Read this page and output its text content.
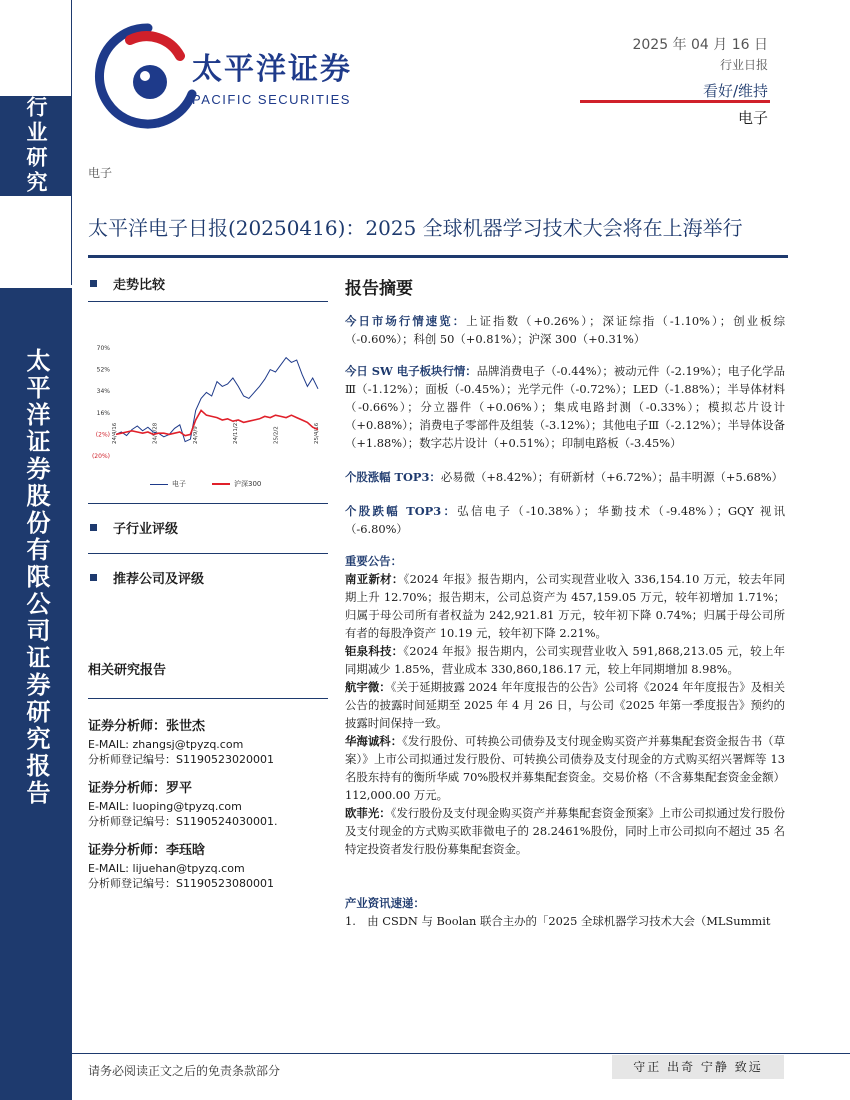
行业研究
太平洋证券股份有限公司证券研究报告
太平洋证券
PACIFIC SECURITIES
2025 年 04 月 16 日
行业日报
看好/维持
电子
电子
太平洋电子日报(20250416)：2025 全球机器学习技术大会将在上海举行
走势比较
70%
52%
34%
16%
(2%)
(20%)
24/4/16	24/6/28	24/9/9	24/11/21	25/2/2	25/4/16
电子	沪深300
子行业评级
推荐公司及评级
相关研究报告
证券分析师：张世杰
E-MAIL: zhangsj@tpyzq.com
分析师登记编号：S1190523020001
证券分析师：罗平
E-MAIL: luoping@tpyzq.com
分析师登记编号：S1190524030001.
证券分析师：李珏晗
E-MAIL: lijuehan@tpyzq.com
分析师登记编号：S1190523080001
报告摘要
今日市场行情速览：上证指数（+0.26%）；深证综指（-1.10%）；创业板综（-0.60%）；科创 50（+0.81%）；沪深 300（+0.31%）
今日 SW 电子板块行情：品牌消费电子（-0.44%）；被动元件（-2.19%）；电子化学品Ⅲ（-1.12%）；面板（-0.45%）；光学元件（-0.72%）；LED（-1.88%）；半导体材料（-0.66%）；分立器件（+0.06%）；集成电路封测（-0.33%）；模拟芯片设计（+0.88%）；消费电子零部件及组装（-3.12%）；其他电子Ⅲ（-2.12%）；半导体设备（+1.88%）；数字芯片设计（+0.51%）；印制电路板（-3.45%）
个股涨幅 TOP3：必易微（+8.42%）；有研新材（+6.72%）；晶丰明源（+5.68%）
个股跌幅 TOP3：弘信电子（-10.38%）；华勤技术（-9.48%）；GQY 视讯（-6.80%）
重要公告：
南亚新材：《2024 年报》报告期内，公司实现营业收入 336,154.10 万元，较去年同期上升 12.70%；报告期末，公司总资产为 457,159.05 万元，较年初增加 1.71%；归属于母公司所有者权益为 242,921.81 万元，较年初下降 0.74%；归属于母公司所有者的每股净资产 10.19 元，较年初下降 2.21%。
钜泉科技：《2024 年报》报告期内，公司实现营业收入 591,868,213.05 元，较上年同期减少 1.85%，营业成本 330,860,186.17 元，较上年同期增加 8.98%。
航宇微：《关于延期披露 2024 年年度报告的公告》公司将《2024 年年度报告》及相关公告的披露时间延期至 2025 年 4 月 26 日，与公司《2025 年第一季度报告》预约的披露时间保持一致。
华海诚科：《发行股份、可转换公司债券及支付现金购买资产并募集配套资金报告书（草案）》上市公司拟通过发行股份、可转换公司债券及支付现金的方式购买绍兴署辉等 13 名股东持有的衡所华威 70%股权并募集配套资金。交易价格（不含募集配套资金金额）112,000.00 万元。
欧菲光：《发行股份及支付现金购买资产并募集配套资金预案》上市公司拟通过发行股份及支付现金的方式购买欧菲微电子的 28.2461%股份，同时上市公司拟向不超过 35 名特定投资者发行股份募集配套资金。
产业资讯速递：
1.　由 CSDN 与 Boolan 联合主办的「2025 全球机器学习技术大会（MLSummit
请务必阅读正文之后的免责条款部分	守正 出奇 宁静 致远
